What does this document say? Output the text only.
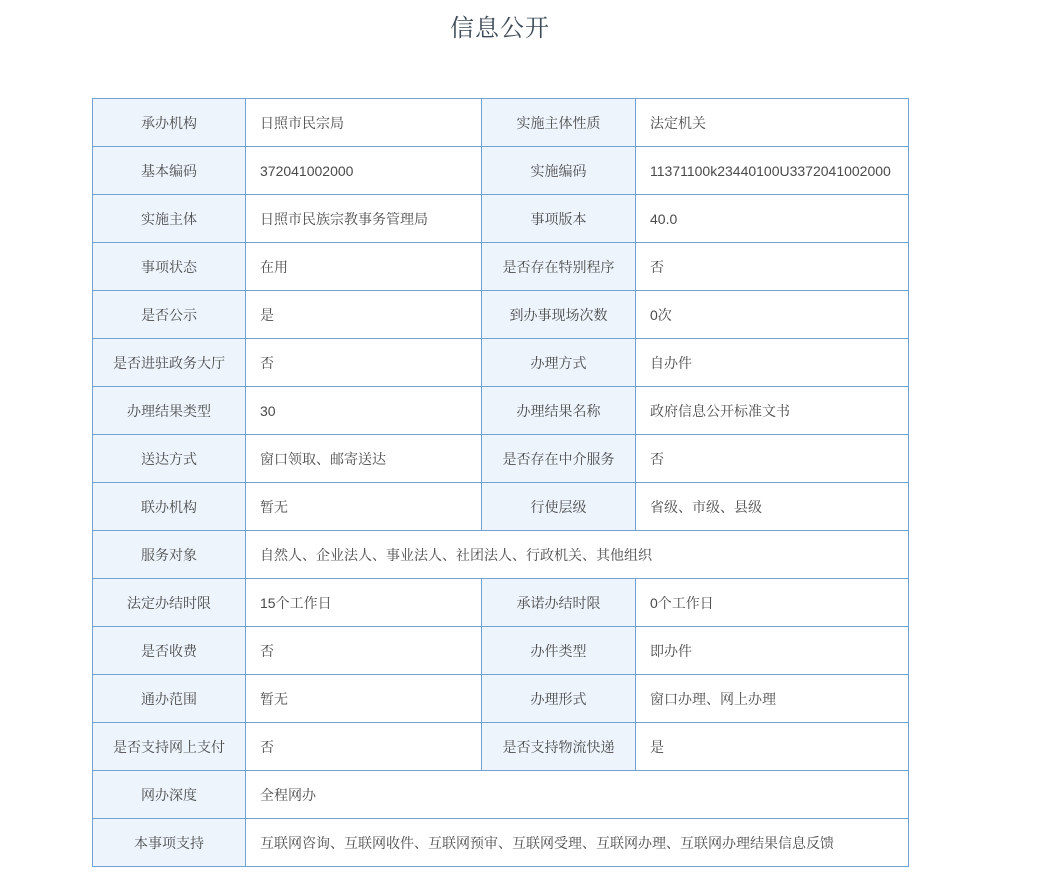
信息公开
承办机构	日照市民宗局	实施主体性质	法定机关
基本编码	372041002000	实施编码	11371100k23440100U3372041002000
实施主体	日照市民族宗教事务管理局	事项版本	40.0
事项状态	在用	是否存在特别程序	否
是否公示	是	到办事现场次数	0次
是否进驻政务大厅	否	办理方式	自办件
办理结果类型	30	办理结果名称	政府信息公开标准文书
送达方式	窗口领取、邮寄送达	是否存在中介服务	否
联办机构	暂无	行使层级	省级、市级、县级
服务对象	自然人、企业法人、事业法人、社团法人、行政机关、其他组织		
法定办结时限	15个工作日	承诺办结时限	0个工作日
是否收费	否	办件类型	即办件
通办范围	暂无	办理形式	窗口办理、网上办理
是否支持网上支付	否	是否支持物流快递	是
网办深度	全程网办		
本事项支持	互联网咨询、互联网收件、互联网预审、互联网受理、互联网办理、互联网办理结果信息反馈		
